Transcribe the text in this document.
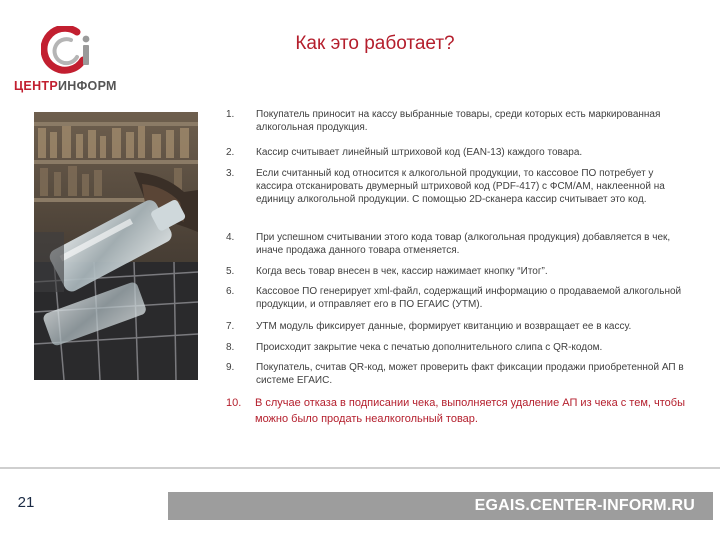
ЦЕНТРИНФОРМ
Как это работает?
1.	Покупатель приносит на кассу выбранные товары, среди которых есть маркированная алкогольная продукция.
2.	Кассир считывает линейный штриховой код (EAN-13) каждого товара.
3.	Если считанный код относится к алкогольной продукции, то кассовое ПО потребует у кассира отсканировать двумерный штриховой код (PDF-417) с ФСМ/АМ, наклеенной на единицу алкогольной продукции. С помощью 2D-сканера кассир считывает это код.
4.	При успешном считывании этого кода товар (алкогольная продукция) добавляется в чек, иначе продажа данного товара отменяется.
5.	Когда весь товар внесен в чек, кассир нажимает кнопку “Итог”.
6.	Кассовое ПО генерирует xml-файл, содержащий информацию о продаваемой алкогольной продукции, и отправляет его в ПО ЕГАИС (УТМ).
7.	УТМ модуль фиксирует данные, формирует квитанцию и возвращает ее в кассу.
8.	Происходит закрытие чека с печатью дополнительного слипа с QR-кодом.
9.	Покупатель, считав QR-код, может проверить факт фиксации продажи приобретенной АП в системе ЕГАИС.
10. В случае отказа в подписании чека, выполняется удаление АП из чека с тем, чтобы можно было продать неалкогольный товар.
21	EGAIS.CENTER-INFORM.RU
